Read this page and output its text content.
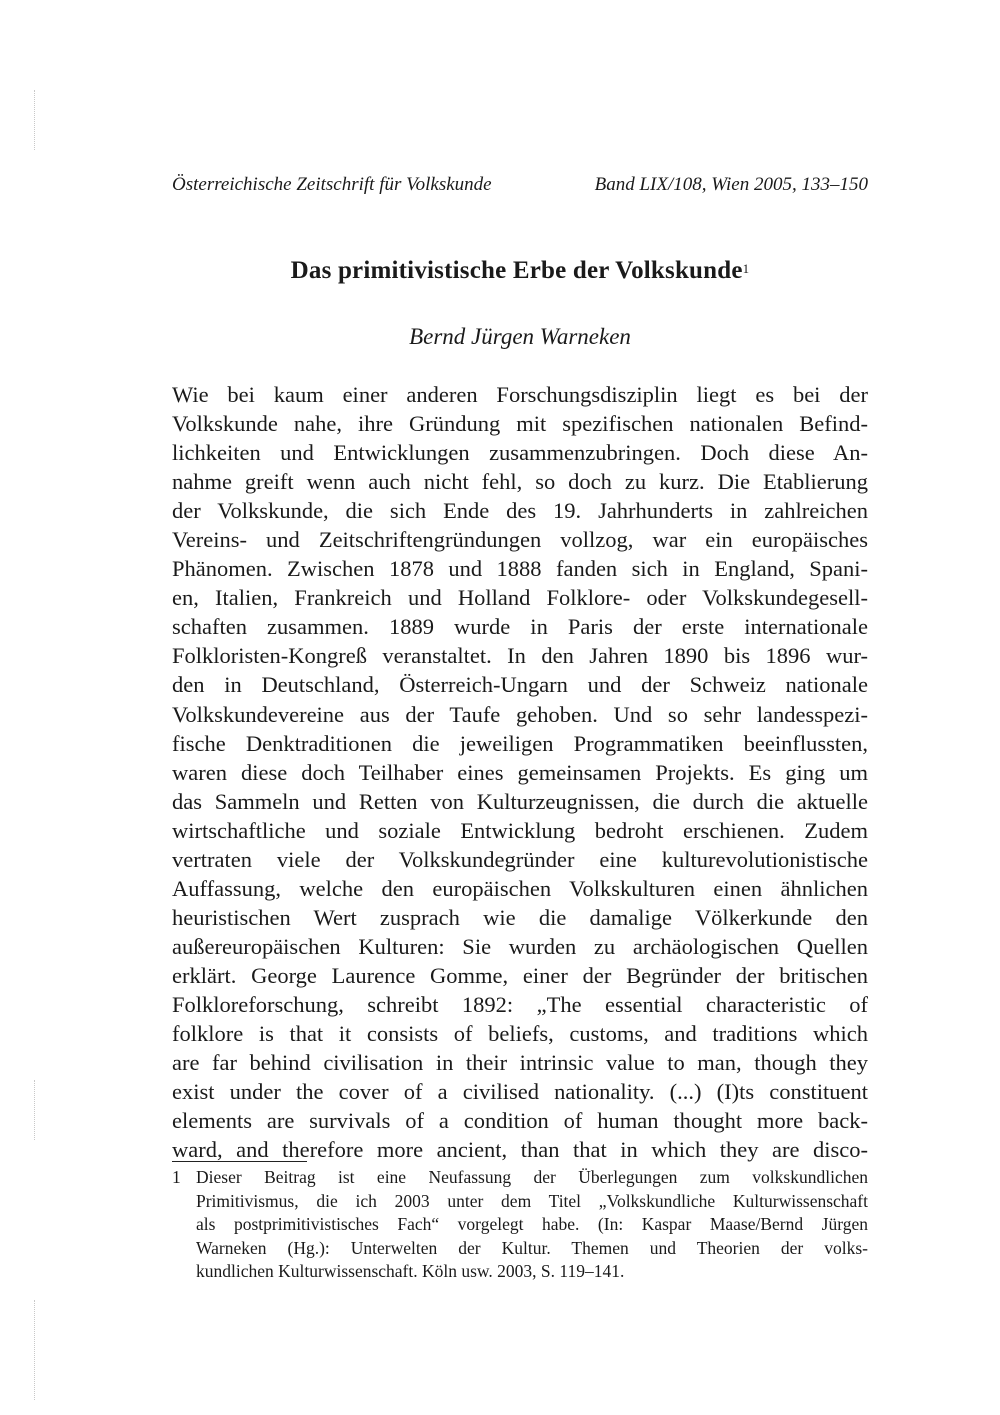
Österreichische Zeitschrift für Volkskunde	Band LIX/108, Wien 2005, 133–150
Das primitivistische Erbe der Volkskunde$^1$
Bernd Jürgen Warneken
Wie bei kaum einer anderen Forschungsdisziplin liegt es bei der
Volkskunde nahe, ihre Gründung mit spezifischen nationalen Befind-
lichkeiten und Entwicklungen zusammenzubringen. Doch diese An-
nahme greift wenn auch nicht fehl, so doch zu kurz. Die Etablierung
der Volkskunde, die sich Ende des 19. Jahrhunderts in zahlreichen
Vereins- und Zeitschriftengründungen vollzog, war ein europäisches
Phänomen. Zwischen 1878 und 1888 fanden sich in England, Spani-
en, Italien, Frankreich und Holland Folklore- oder Volkskundegesell-
schaften zusammen. 1889 wurde in Paris der erste internationale
Folkloristen-Kongreß veranstaltet. In den Jahren 1890 bis 1896 wur-
den in Deutschland, Österreich-Ungarn und der Schweiz nationale
Volkskundevereine aus der Taufe gehoben. Und so sehr landesspezi-
fische Denktraditionen die jeweiligen Programmatiken beeinflussten,
waren diese doch Teilhaber eines gemeinsamen Projekts. Es ging um
das Sammeln und Retten von Kulturzeugnissen, die durch die aktuelle
wirtschaftliche und soziale Entwicklung bedroht erschienen. Zudem
vertraten viele der Volkskundegründer eine kulturevolutionistische
Auffassung, welche den europäischen Volkskulturen einen ähnlichen
heuristischen Wert zusprach wie die damalige Völkerkunde den
außereuropäischen Kulturen: Sie wurden zu archäologischen Quellen
erklärt. George Laurence Gomme, einer der Begründer der britischen
Folkloreforschung, schreibt 1892: „The essential characteristic of
folklore is that it consists of beliefs, customs, and traditions which
are far behind civilisation in their intrinsic value to man, though they
exist under the cover of a civilised nationality. (...) (I)ts constituent
elements are survivals of a condition of human thought more back-
ward, and therefore more ancient, than that in which they are disco-
1 Dieser Beitrag ist eine Neufassung der Überlegungen zum volkskundlichen
Primitivismus, die ich 2003 unter dem Titel „Volkskundliche Kulturwissenschaft
als postprimitivistisches Fach“ vorgelegt habe. (In: Kaspar Maase/Bernd Jürgen
Warneken (Hg.): Unterwelten der Kultur. Themen und Theorien der volks-
kundlichen Kulturwissenschaft. Köln usw. 2003, S. 119–141.
